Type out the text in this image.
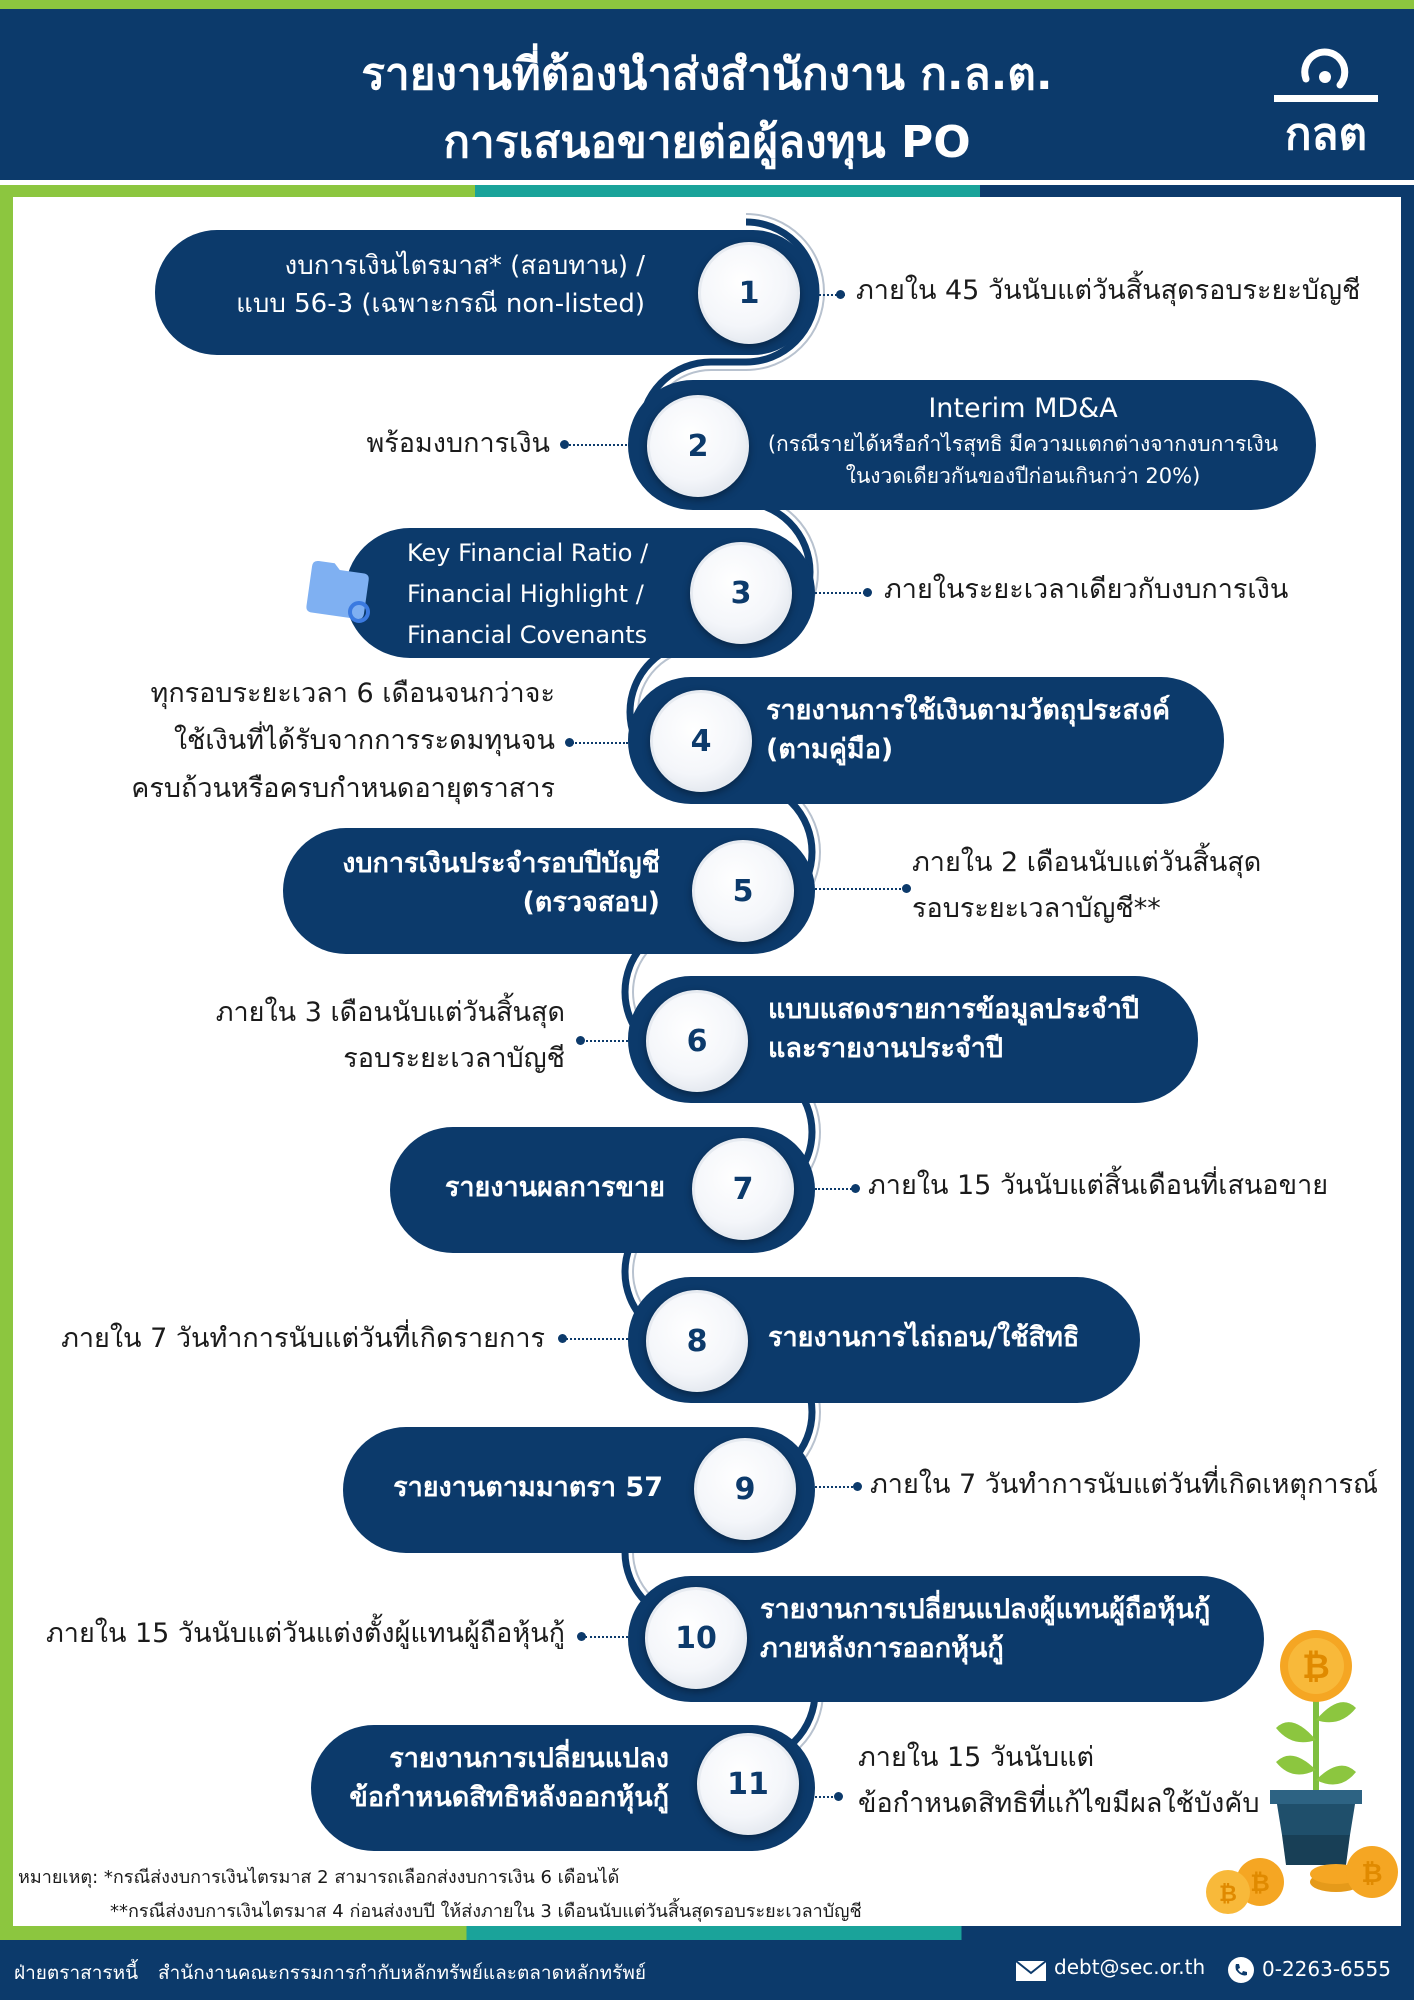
รายงานที่ต้องนำส่งสำนักงาน ก.ล.ต.
การเสนอขายต่อผู้ลงทุน PO	กลต
งบการเงินไตรมาส* (สอบทาน) /
แบบ 56-3 (เฉพาะกรณี non-listed)	1	ภายใน 45 วันนับแต่วันสิ้นสุดรอบระยะบัญชี
Interim MD&A
(กรณีรายได้หรือกำไรสุทธิ มีความแตกต่างจากงบการเงิน
ในงวดเดียวกันของปีก่อนเกินกว่า 20%)
2
พร้อมงบการเงิน
Key Financial Ratio /
Financial Highlight /
Financial Covenants
3	ภายในระยะเวลาเดียวกับงบการเงิน
รายงานการใช้เงินตามวัตถุประสงค์
(ตามคู่มือ)
4
ทุกรอบระยะเวลา 6 เดือนจนกว่าจะ
ใช้เงินที่ได้รับจากการระดมทุนจน
ครบถ้วนหรือครบกำหนดอายุตราสาร
งบการเงินประจำรอบปีบัญชี
(ตรวจสอบ)	5
ภายใน 2 เดือนนับแต่วันสิ้นสุด
รอบระยะเวลาบัญชี**
แบบแสดงรายการข้อมูลประจำปี
และรายงานประจำปี
6
ภายใน 3 เดือนนับแต่วันสิ้นสุด
รอบระยะเวลาบัญชี
รายงานผลการขาย	7	ภายใน 15 วันนับแต่สิ้นเดือนที่เสนอขาย
รายงานการไถ่ถอน/ใช้สิทธิ
8
ภายใน 7 วันทำการนับแต่วันที่เกิดรายการ
รายงานตามมาตรา 57	9	ภายใน 7 วันทำการนับแต่วันที่เกิดเหตุการณ์
รายงานการเปลี่ยนแปลงผู้แทนผู้ถือหุ้นกู้
ภายหลังการออกหุ้นกู้
10
ภายใน 15 วันนับแต่วันแต่งตั้งผู้แทนผู้ถือหุ้นกู้
รายงานการเปลี่ยนแปลง
ข้อกำหนดสิทธิหลังออกหุ้นกู้	11
ภายใน 15 วันนับแต่
ข้อกำหนดสิทธิที่แก้ไขมีผลใช้บังคับ
₿
₿
₿
₿
หมายเหตุ: *กรณีส่งงบการเงินไตรมาส 2 สามารถเลือกส่งงบการเงิน 6 เดือนได้
**กรณีส่งงบการเงินไตรมาส 4 ก่อนส่งงบปี ให้ส่งภายใน 3 เดือนนับแต่วันสิ้นสุดรอบระยะเวลาบัญชี
ฝ่ายตราสารหนี้ สำนักงานคณะกรรมการกำกับหลักทรัพย์และตลาดหลักทรัพย์	debt@sec.or.th	0-2263-6555
